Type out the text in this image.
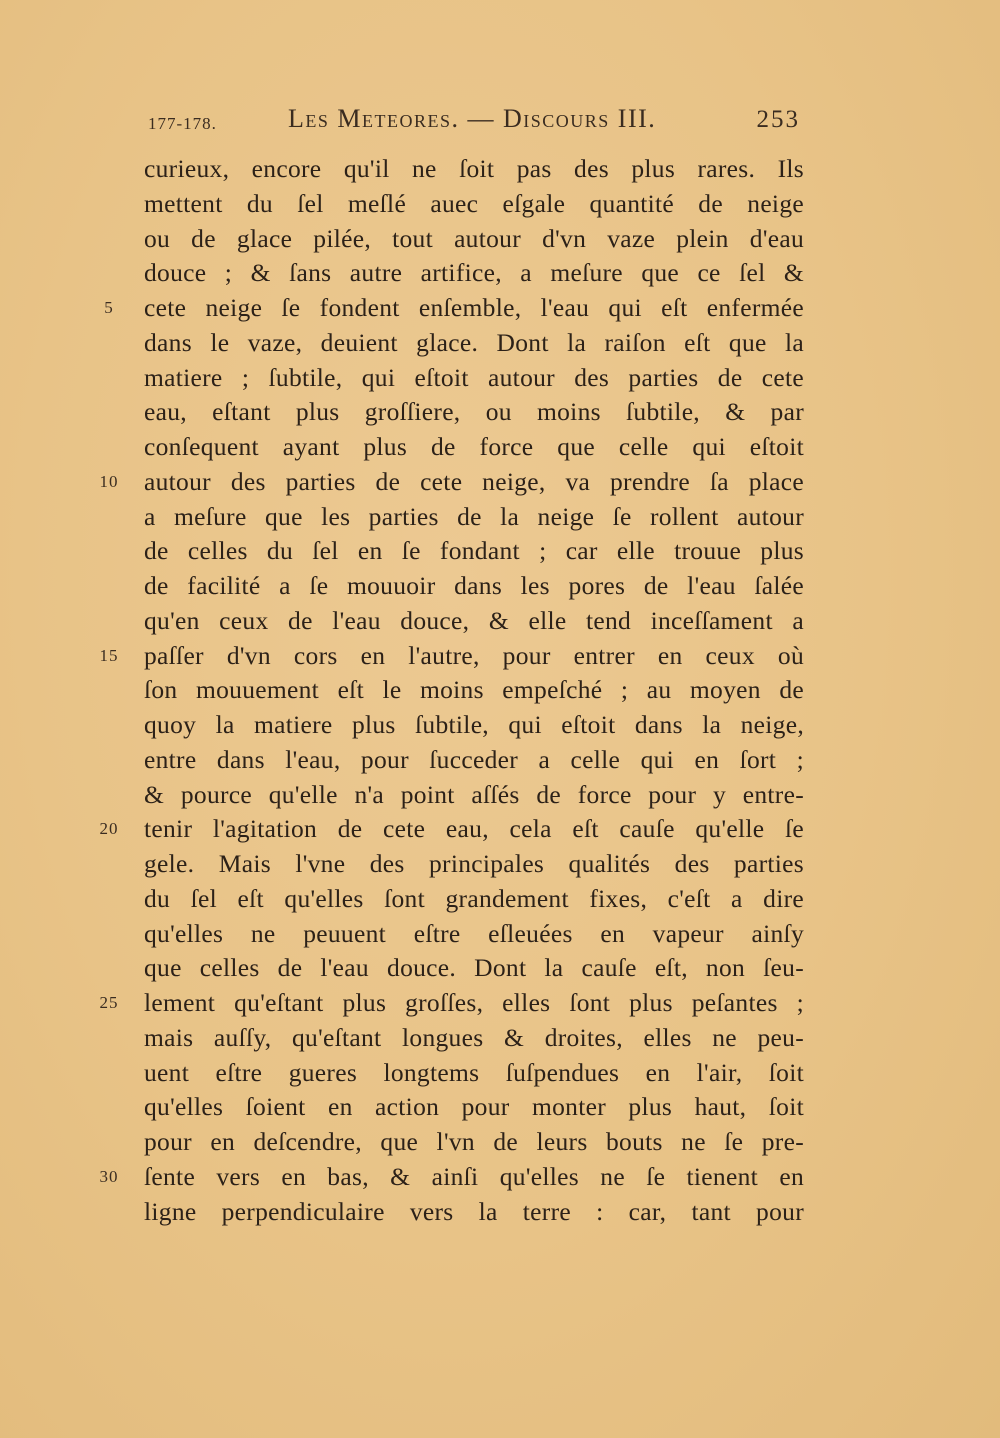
177-178.	Les Meteores. — Discours III.	253
curieux, encore qu'il ne ſoit pas des plus rares. Ils
mettent du ſel meſlé auec eſgale quantité de neige
ou de glace pilée, tout autour d'vn vaze plein d'eau
douce ; & ſans autre artifice, a meſure que ce ſel &
5	cete neige ſe fondent enſemble, l'eau qui eſt enfermée
dans le vaze, deuient glace. Dont la raiſon eſt que la
matiere ; ſubtile, qui eſtoit autour des parties de cete
eau, eſtant plus groſſiere, ou moins ſubtile, & par
conſequent ayant plus de force que celle qui eſtoit
10 autour des parties de cete neige, va prendre ſa place
a meſure que les parties de la neige ſe rollent autour
de celles du ſel en ſe fondant ; car elle trouue plus
de facilité a ſe mouuoir dans les pores de l'eau ſalée
qu'en ceux de l'eau douce, & elle tend inceſſament a
15 paſſer d'vn cors en l'autre, pour entrer en ceux où
ſon mouuement eſt le moins empeſché ; au moyen de
quoy la matiere plus ſubtile, qui eſtoit dans la neige,
entre dans l'eau, pour ſucceder a celle qui en ſort ;
& pource qu'elle n'a point aſſés de force pour y entre-
20 tenir l'agitation de cete eau, cela eſt cauſe qu'elle ſe
gele. Mais l'vne des principales qualités des parties
du ſel eſt qu'elles ſont grandement fixes, c'eſt a dire
qu'elles ne peuuent eſtre eſleuées en vapeur ainſy
que celles de l'eau douce. Dont la cauſe eſt, non ſeu-
25 lement qu'eſtant plus groſſes, elles ſont plus peſantes ;
mais auſſy, qu'eſtant longues & droites, elles ne peu-
uent eſtre gueres longtems ſuſpendues en l'air, ſoit
qu'elles ſoient en action pour monter plus haut, ſoit
pour en deſcendre, que l'vn de leurs bouts ne ſe pre-
30 ſente vers en bas, & ainſi qu'elles ne ſe tienent en
ligne perpendiculaire vers la terre : car, tant pour
